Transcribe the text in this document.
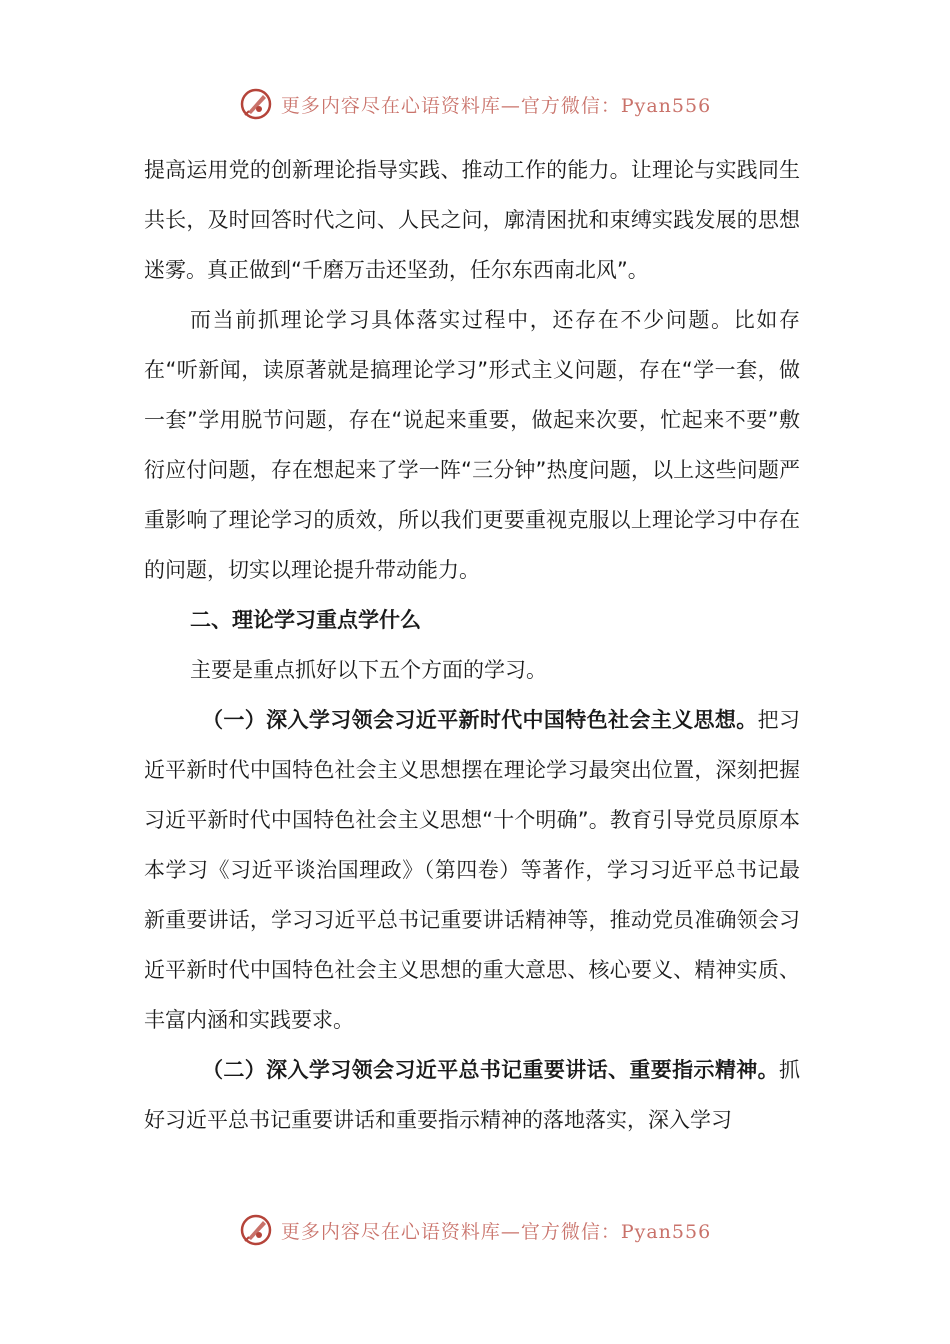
更多内容尽在心语资料库—官方微信：Pyan556

提高运用党的创新理论指导实践、推动工作的能力。让理论与实践同生共长，及时回答时代之问、人民之问，廓清困扰和束缚实践发展的思想迷雾。真正做到“千磨万击还坚劲，任尔东西南北风”。

而当前抓理论学习具体落实过程中，还存在不少问题。比如存在“听新闻，读原著就是搞理论学习”形式主义问题，存在“学一套，做一套”学用脱节问题，存在“说起来重要，做起来次要，忙起来不要”敷衍应付问题，存在想起来了学一阵“三分钟”热度问题，以上这些问题严重影响了理论学习的质效，所以我们更要重视克服以上理论学习中存在的问题，切实以理论提升带动能力。

二、理论学习重点学什么

主要是重点抓好以下五个方面的学习。

（一）深入学习领会习近平新时代中国特色社会主义思想。把习近平新时代中国特色社会主义思想摆在理论学习最突出位置，深刻把握习近平新时代中国特色社会主义思想“十个明确”。教育引导党员原原本本学习《习近平谈治国理政》（第四卷）等著作，学习习近平总书记最新重要讲话，学习习近平总书记重要讲话精神等，推动党员准确领会习近平新时代中国特色社会主义思想的重大意思、核心要义、精神实质、丰富内涵和实践要求。

（二）深入学习领会习近平总书记重要讲话、重要指示精神。抓好习近平总书记重要讲话和重要指示精神的落地落实，深入学习

更多内容尽在心语资料库—官方微信：Pyan556
